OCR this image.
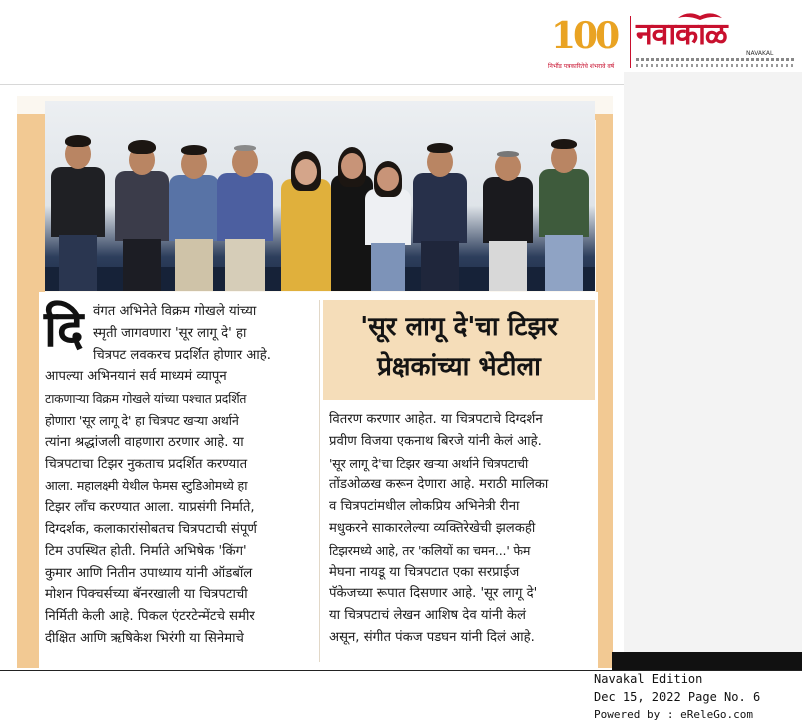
100
निर्भीड पत्रकारितेचे शंभरावे वर्ष
नवाकाळ
NAVAKAL
'सूर लागू दे'चा टिझर
प्रेक्षकांच्या भेटीला
दि वंगत अभिनेते विक्रम गोखले यांच्या
स्मृती जागवणारा 'सूर लागू दे' हा
चित्रपट लवकरच प्रदर्शित होणार आहे.
आपल्या अभिनयानं सर्व माध्यमं व्यापून
टाकणाऱ्या विक्रम गोखले यांच्या पश्चात प्रदर्शित
होणारा 'सूर लागू दे' हा चित्रपट खऱ्या अर्थाने
त्यांना श्रद्धांजली वाहणारा ठरणार आहे. या
चित्रपटाचा टिझर नुकताच प्रदर्शित करण्यात
आला. महालक्ष्मी येथील फेमस स्टुडिओमध्ये हा
टिझर लाँच करण्यात आला. याप्रसंगी निर्माते,
दिग्दर्शक, कलाकारांसोबतच चित्रपटाची संपूर्ण
टिम उपस्थित होती. निर्माते अभिषेक 'किंग'
कुमार आणि नितीन उपाध्याय यांनी ऑडबॉल
मोशन पिक्चर्सच्या बॅनरखाली या चित्रपटाची
निर्मिती केली आहे. पिकल एंटरटेन्मेंटचे समीर
दीक्षित आणि ऋषिकेश भिरंगी या सिनेमाचे
वितरण करणार आहेत. या चित्रपटाचे दिग्दर्शन
प्रवीण विजया एकनाथ बिरजे यांनी केलं आहे.
'सूर लागू दे'चा टिझर खऱ्या अर्थाने चित्रपटाची
तोंडओळख करून देणारा आहे. मराठी मालिका
व चित्रपटांमधील लोकप्रिय अभिनेत्री रीना
मधुकरने साकारलेल्या व्यक्तिरेखेची झलकही
टिझरमध्ये आहे, तर 'कलियों का चमन...' फेम
मेघना नायडू या चित्रपटात एका सरप्राईज
पॅकेजच्या रूपात दिसणार आहे. 'सूर लागू दे'
या चित्रपटाचं लेखन आशिष देव यांनी केलं
असून, संगीत पंकज पडघन यांनी दिलं आहे.
Navakal Edition
Dec 15, 2022 Page No. 6
Powered by : eReleGo.com
